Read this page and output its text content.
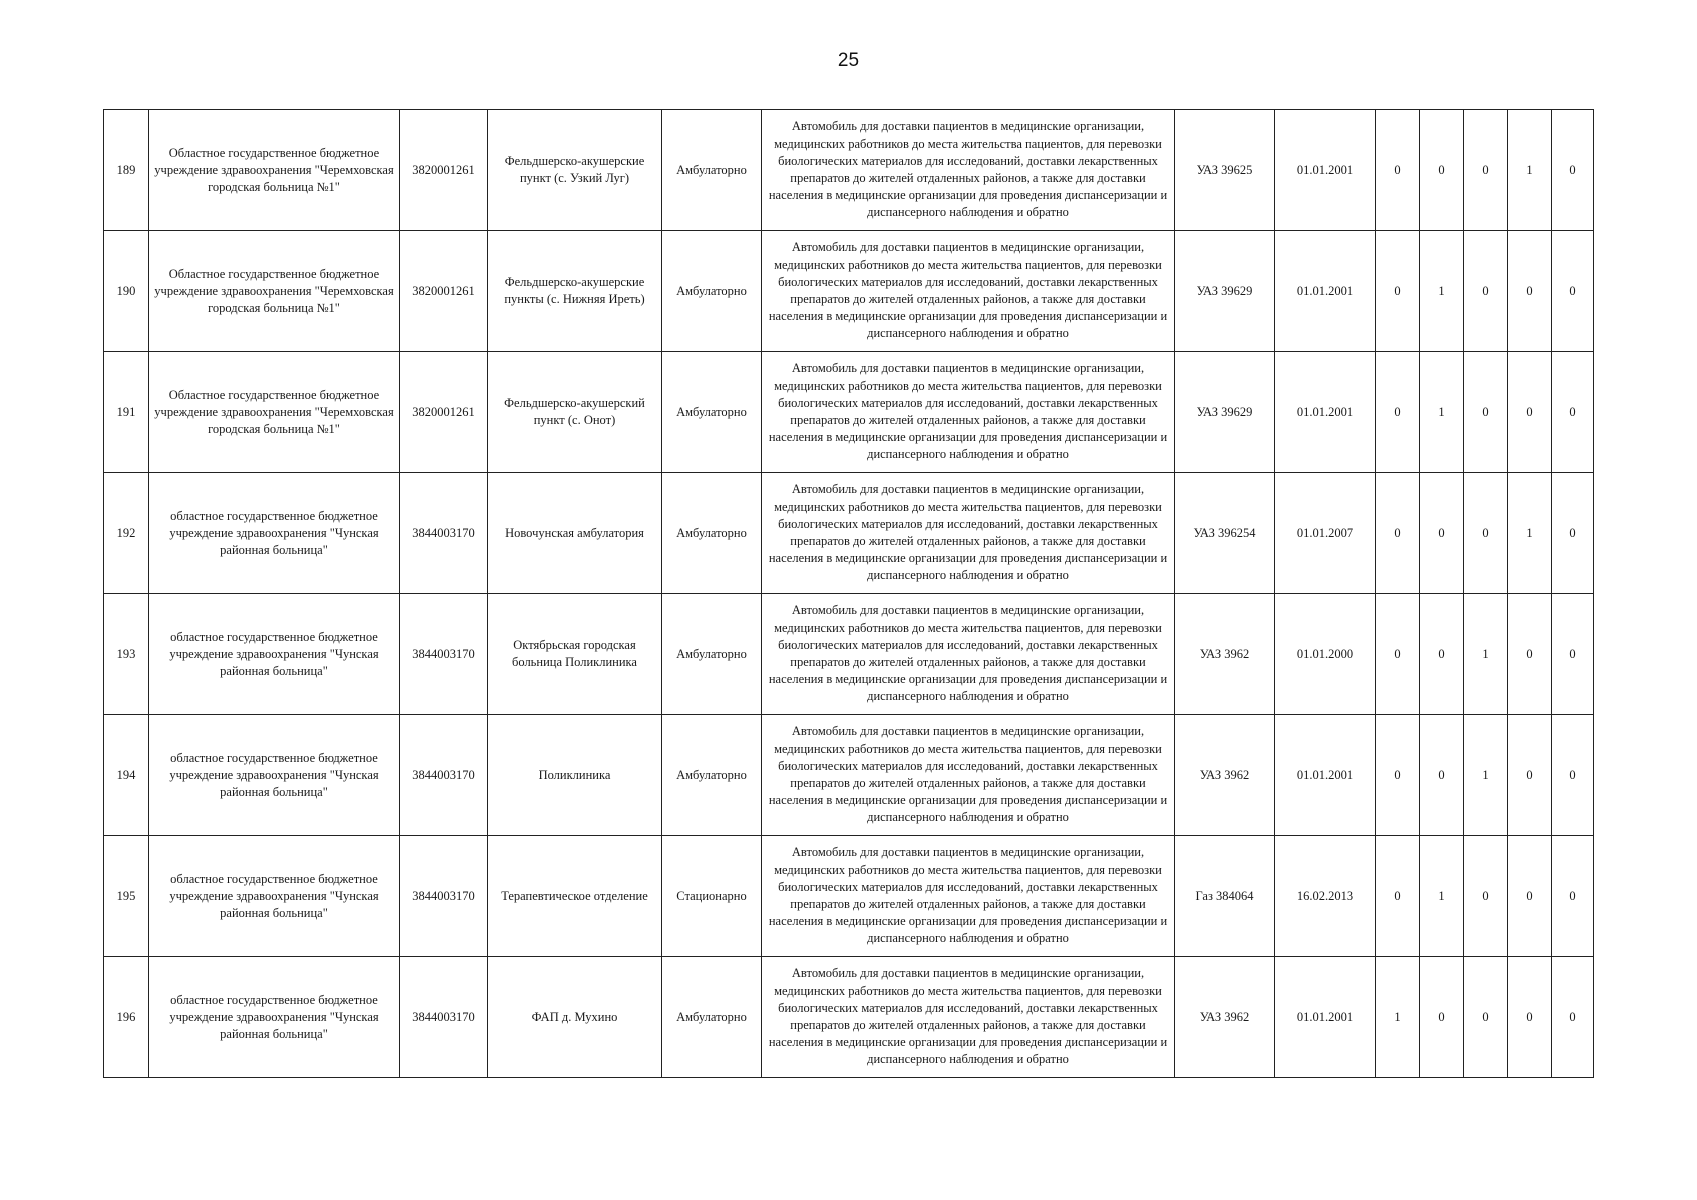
25
189	Областное государственное бюджетное учреждение здравоохранения "Черемховская городская больница №1"	3820001261	Фельдшерско-акушерские пункт (с. Узкий Луг)	Амбулаторно	Автомобиль для доставки пациентов в медицинские организации, медицинских работников до места жительства пациентов, для перевозки биологических материалов для исследований, доставки лекарственных препаратов до жителей отдаленных районов, а также для доставки населения в медицинские организации для проведения диспансеризации и диспансерного наблюдения и обратно	УАЗ 39625	01.01.2001	0	0	0	1	0
190	Областное государственное бюджетное учреждение здравоохранения "Черемховская городская больница №1"	3820001261	Фельдшерско-акушерские пункты (с. Нижняя Иреть)	Амбулаторно	Автомобиль для доставки пациентов в медицинские организации, медицинских работников до места жительства пациентов, для перевозки биологических материалов для исследований, доставки лекарственных препаратов до жителей отдаленных районов, а также для доставки населения в медицинские организации для проведения диспансеризации и диспансерного наблюдения и обратно	УАЗ 39629	01.01.2001	0	1	0	0	0
191	Областное государственное бюджетное учреждение здравоохранения "Черемховская городская больница №1"	3820001261	Фельдшерско-акушерский пункт (с. Онот)	Амбулаторно	Автомобиль для доставки пациентов в медицинские организации, медицинских работников до места жительства пациентов, для перевозки биологических материалов для исследований, доставки лекарственных препаратов до жителей отдаленных районов, а также для доставки населения в медицинские организации для проведения диспансеризации и диспансерного наблюдения и обратно	УАЗ 39629	01.01.2001	0	1	0	0	0
192	областное государственное бюджетное учреждение здравоохранения "Чунская районная больница"	3844003170	Новочунская амбулатория	Амбулаторно	Автомобиль для доставки пациентов в медицинские организации, медицинских работников до места жительства пациентов, для перевозки биологических материалов для исследований, доставки лекарственных препаратов до жителей отдаленных районов, а также для доставки населения в медицинские организации для проведения диспансеризации и диспансерного наблюдения и обратно	УАЗ 396254	01.01.2007	0	0	0	1	0
193	областное государственное бюджетное учреждение здравоохранения "Чунская районная больница"	3844003170	Октябрьская городская больница Поликлиника	Амбулаторно	Автомобиль для доставки пациентов в медицинские организации, медицинских работников до места жительства пациентов, для перевозки биологических материалов для исследований, доставки лекарственных препаратов до жителей отдаленных районов, а также для доставки населения в медицинские организации для проведения диспансеризации и диспансерного наблюдения и обратно	УАЗ 3962	01.01.2000	0	0	1	0	0
194	областное государственное бюджетное учреждение здравоохранения "Чунская районная больница"	3844003170	Поликлиника	Амбулаторно	Автомобиль для доставки пациентов в медицинские организации, медицинских работников до места жительства пациентов, для перевозки биологических материалов для исследований, доставки лекарственных препаратов до жителей отдаленных районов, а также для доставки населения в медицинские организации для проведения диспансеризации и диспансерного наблюдения и обратно	УАЗ 3962	01.01.2001	0	0	1	0	0
195	областное государственное бюджетное учреждение здравоохранения "Чунская районная больница"	3844003170	Терапевтическое отделение	Стационарно	Автомобиль для доставки пациентов в медицинские организации, медицинских работников до места жительства пациентов, для перевозки биологических материалов для исследований, доставки лекарственных препаратов до жителей отдаленных районов, а также для доставки населения в медицинские организации для проведения диспансеризации и диспансерного наблюдения и обратно	Газ 384064	16.02.2013	0	1	0	0	0
196	областное государственное бюджетное учреждение здравоохранения "Чунская районная больница"	3844003170	ФАП д. Мухино	Амбулаторно	Автомобиль для доставки пациентов в медицинские организации, медицинских работников до места жительства пациентов, для перевозки биологических материалов для исследований, доставки лекарственных препаратов до жителей отдаленных районов, а также для доставки населения в медицинские организации для проведения диспансеризации и диспансерного наблюдения и обратно	УАЗ 3962	01.01.2001	1	0	0	0	0
